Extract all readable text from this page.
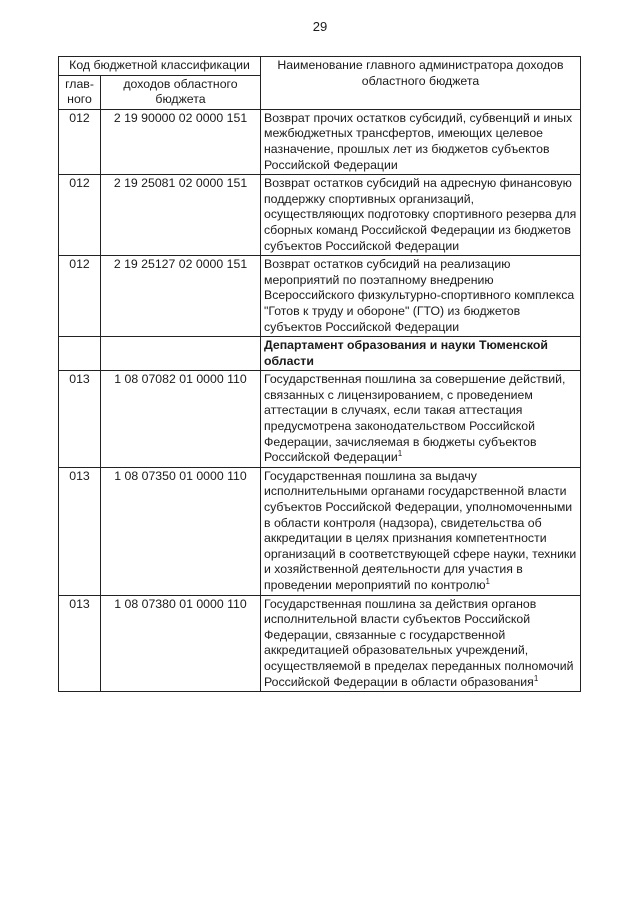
29
Код бюджетной классификации		Наименование главного администратора доходов областного бюджета
глав-ного	доходов областного бюджета	
012	2 19 90000 02 0000 151	Возврат прочих остатков субсидий, субвенций и иных межбюджетных трансфертов, имеющих целевое назначение, прошлых лет из бюджетов субъектов Российской Федерации
012	2 19 25081 02 0000 151	Возврат остатков субсидий на адресную финансовую поддержку спортивных организаций, осуществляющих подготовку спортивного резерва для сборных команд Российской Федерации из бюджетов субъектов Российской Федерации
012	2 19 25127 02 0000 151	Возврат остатков субсидий на реализацию мероприятий по поэтапному внедрению Всероссийского физкультурно-спортивного комплекса "Готов к труду и обороне" (ГТО) из бюджетов субъектов Российской Федерации
		Департамент образования и науки Тюменской области
013	1 08 07082 01 0000 110	Государственная пошлина за совершение действий, связанных с лицензированием, с проведением аттестации в случаях, если такая аттестация предусмотрена законодательством Российской Федерации, зачисляемая в бюджеты субъектов Российской Федерации$^1$
013	1 08 07350 01 0000 110	Государственная пошлина за выдачу исполнительными органами государственной власти субъектов Российской Федерации, уполномоченными в области контроля (надзора), свидетельства об аккредитации в целях признания компетентности организаций в соответствующей сфере науки, техники и хозяйственной деятельности для участия в проведении мероприятий по контролю$^1$
013	1 08 07380 01 0000 110	Государственная пошлина за действия органов исполнительной власти субъектов Российской Федерации, связанные с государственной аккредитацией образовательных учреждений, осуществляемой в пределах переданных полномочий Российской Федерации в области образования$^1$
